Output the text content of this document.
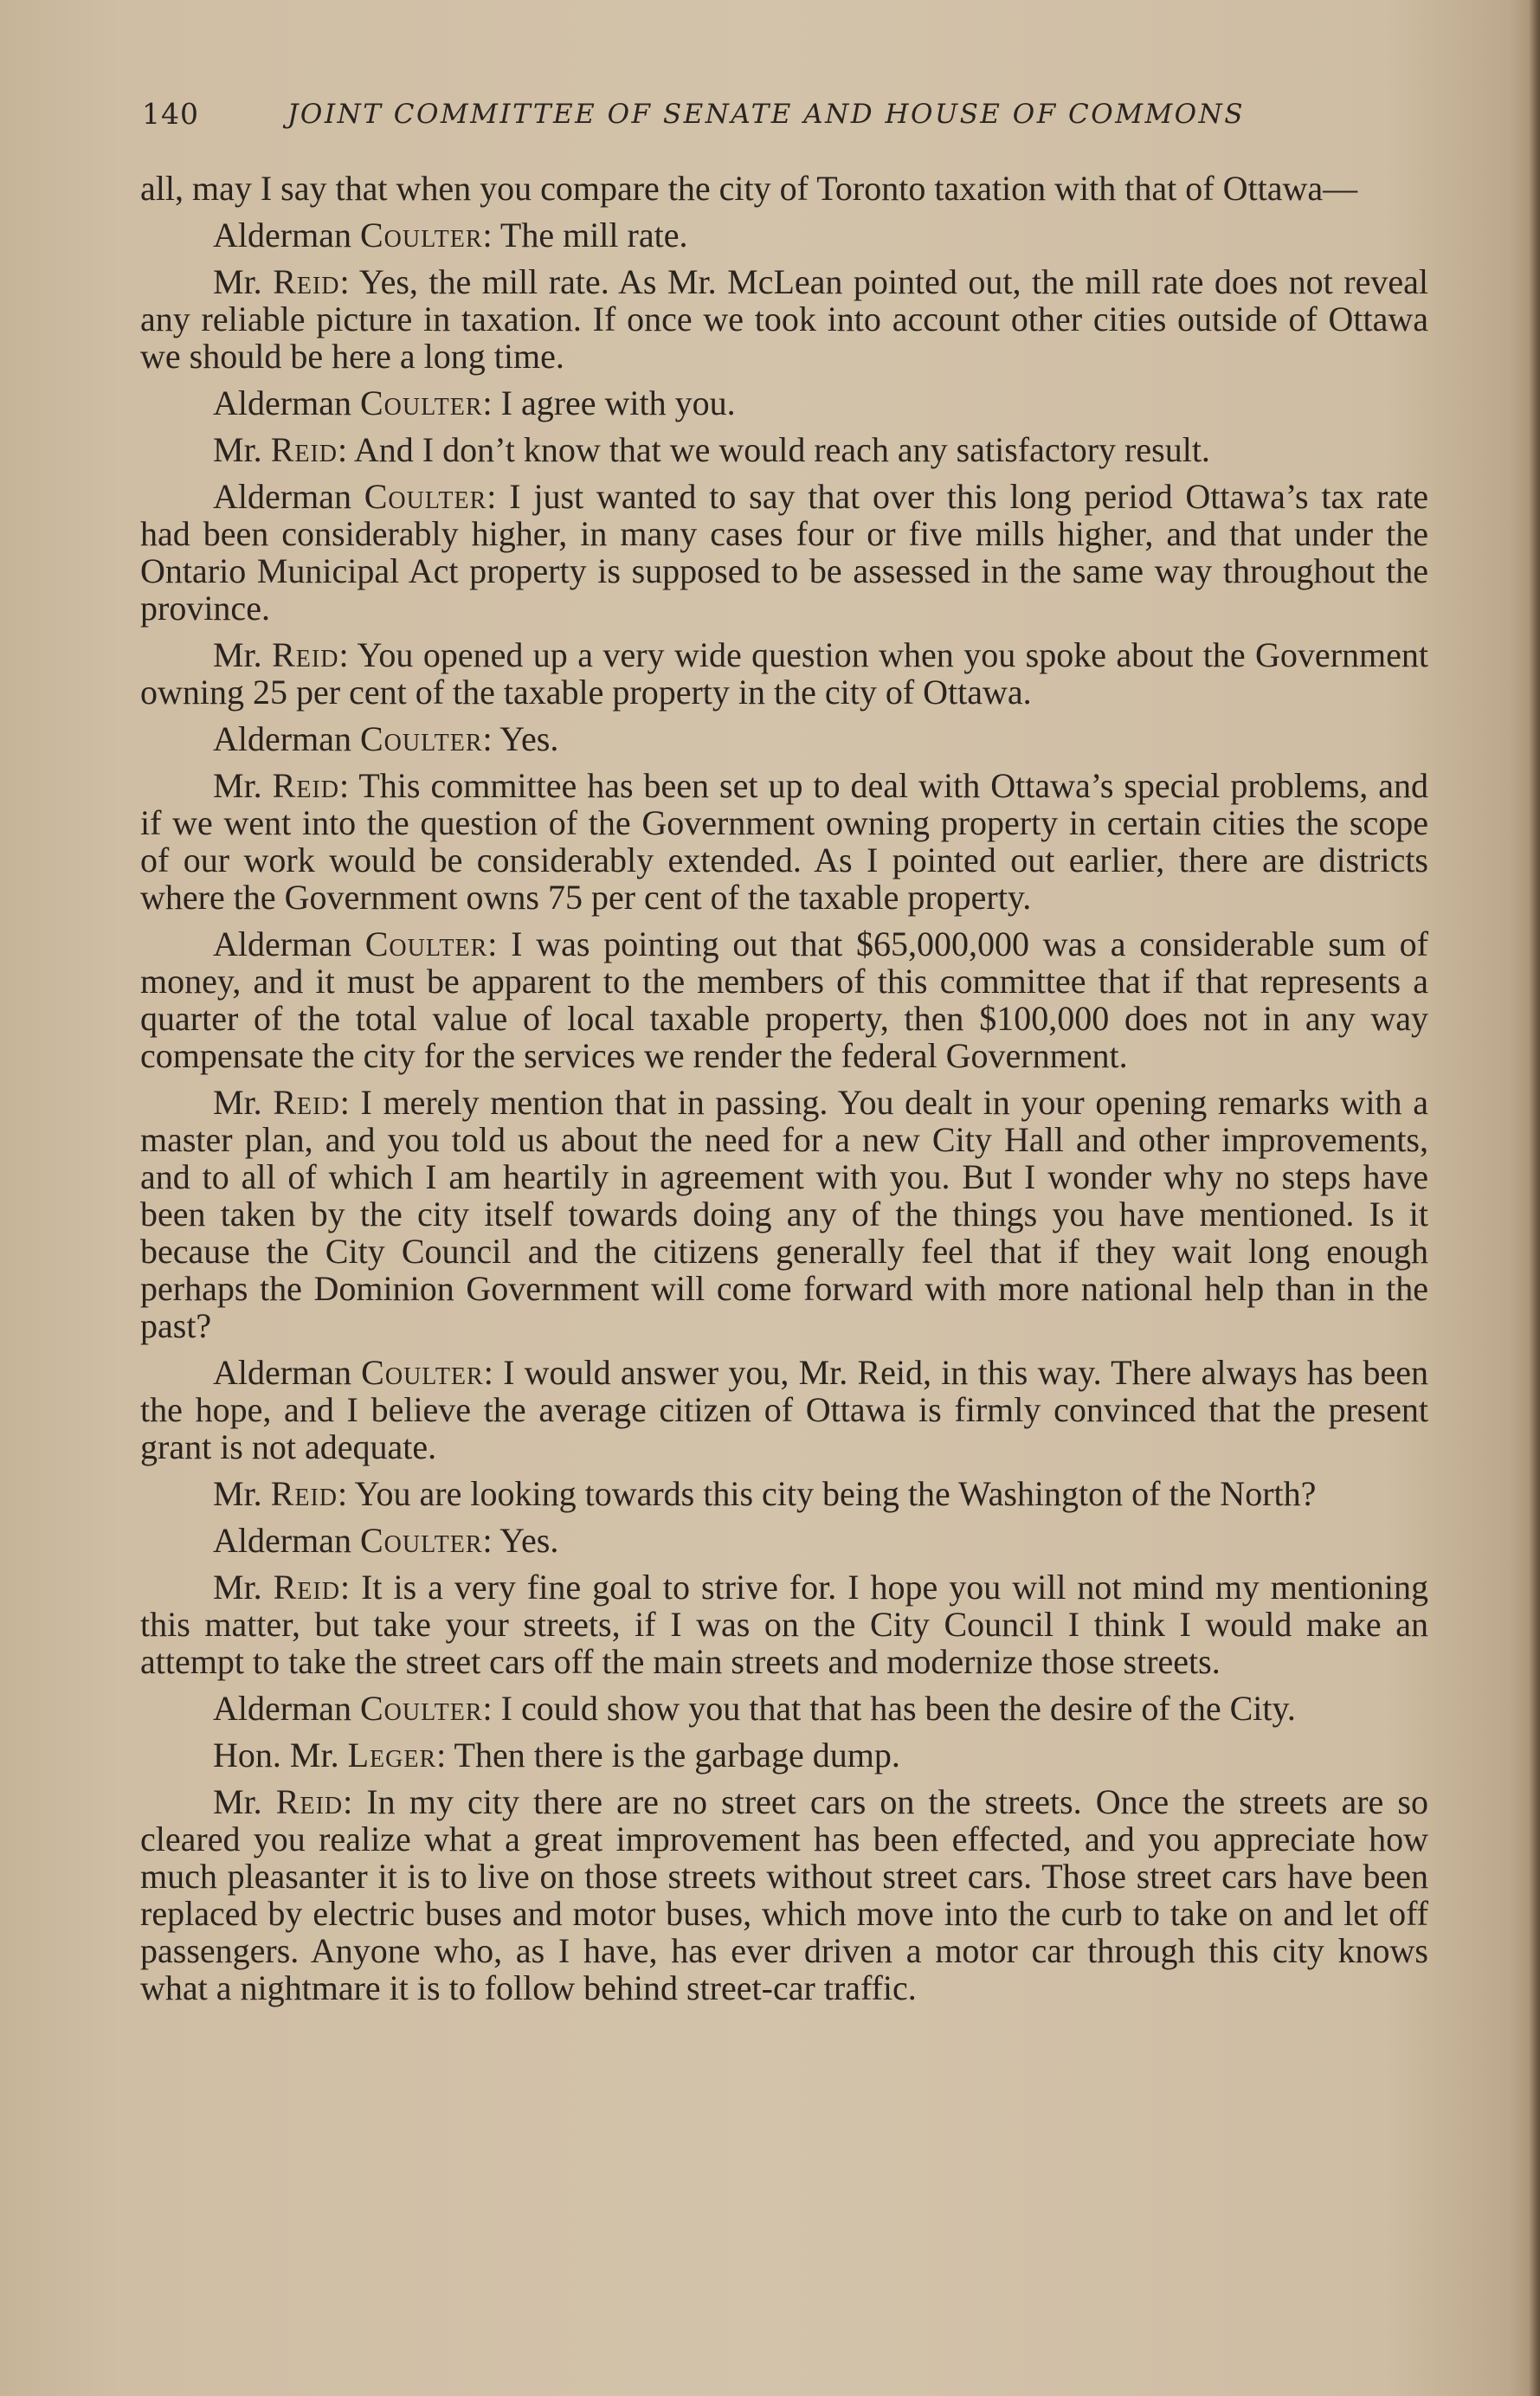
140	JOINT COMMITTEE OF SENATE AND HOUSE OF COMMONS

all, may I say that when you compare the city of Toronto taxation with that of Ottawa—

Alderman Coulter: The mill rate.

Mr. Reid: Yes, the mill rate. As Mr. McLean pointed out, the mill rate does not reveal any reliable picture in taxation. If once we took into account other cities outside of Ottawa we should be here a long time.

Alderman Coulter: I agree with you.

Mr. Reid: And I don’t know that we would reach any satisfactory result.

Alderman Coulter: I just wanted to say that over this long period Ottawa’s tax rate had been considerably higher, in many cases four or five mills higher, and that under the Ontario Municipal Act property is supposed to be assessed in the same way throughout the province.

Mr. Reid: You opened up a very wide question when you spoke about the Government owning 25 per cent of the taxable property in the city of Ottawa.

Alderman Coulter: Yes.

Mr. Reid: This committee has been set up to deal with Ottawa’s special problems, and if we went into the question of the Government owning property in certain cities the scope of our work would be considerably extended. As I pointed out earlier, there are districts where the Government owns 75 per cent of the taxable property.

Alderman Coulter: I was pointing out that $65,000,000 was a considerable sum of money, and it must be apparent to the members of this committee that if that represents a quarter of the total value of local taxable property, then $100,000 does not in any way compensate the city for the services we render the federal Government.

Mr. Reid: I merely mention that in passing. You dealt in your opening remarks with a master plan, and you told us about the need for a new City Hall and other improvements, and to all of which I am heartily in agreement with you. But I wonder why no steps have been taken by the city itself towards doing any of the things you have mentioned. Is it because the City Council and the citizens generally feel that if they wait long enough perhaps the Dominion Government will come forward with more national help than in the past?

Alderman Coulter: I would answer you, Mr. Reid, in this way. There always has been the hope, and I believe the average citizen of Ottawa is firmly convinced that the present grant is not adequate.

Mr. Reid: You are looking towards this city being the Washington of the North?

Alderman Coulter: Yes.

Mr. Reid: It is a very fine goal to strive for. I hope you will not mind my mentioning this matter, but take your streets, if I was on the City Council I think I would make an attempt to take the street cars off the main streets and modernize those streets.

Alderman Coulter: I could show you that that has been the desire of the City.

Hon. Mr. Leger: Then there is the garbage dump.

Mr. Reid: In my city there are no street cars on the streets. Once the streets are so cleared you realize what a great improvement has been effected, and you appreciate how much pleasanter it is to live on those streets without street cars. Those street cars have been replaced by electric buses and motor buses, which move into the curb to take on and let off passengers. Anyone who, as I have, has ever driven a motor car through this city knows what a nightmare it is to follow behind street-car traffic.
